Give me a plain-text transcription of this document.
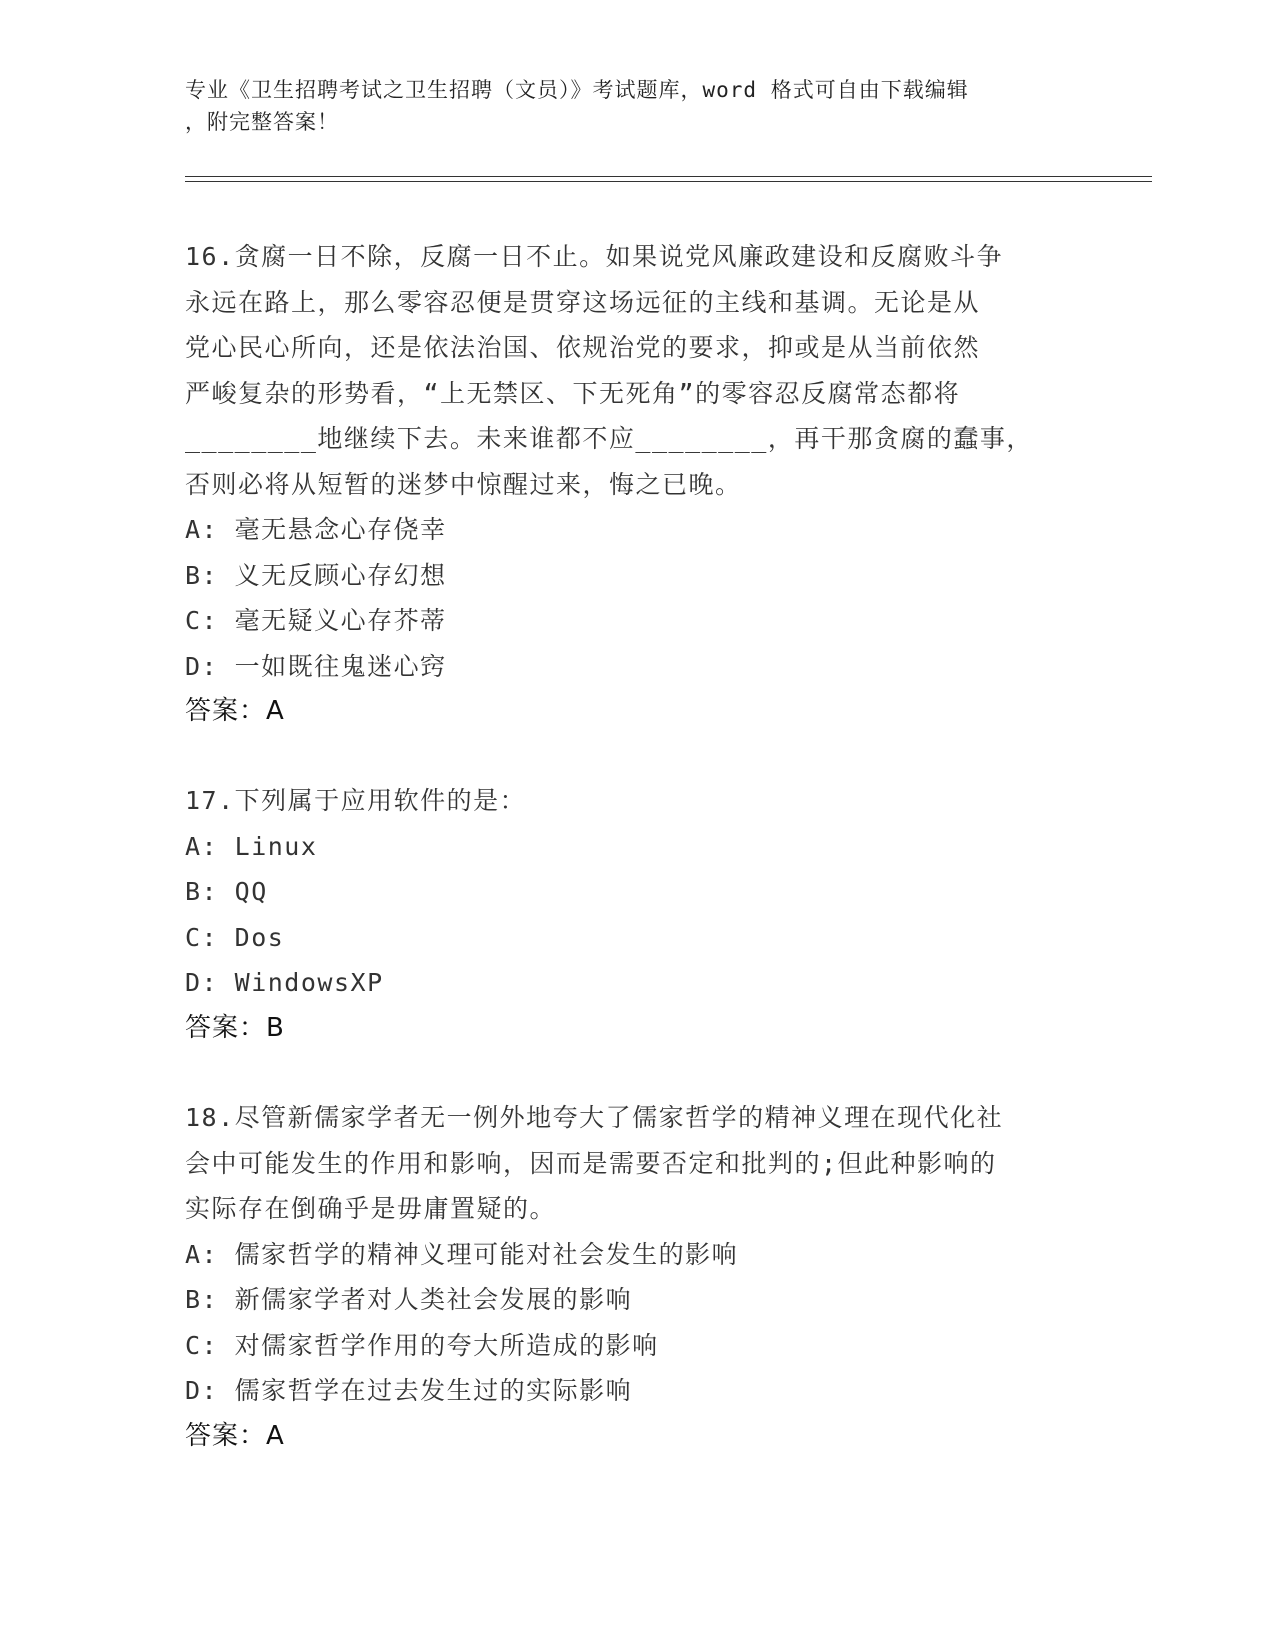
专业《卫生招聘考试之卫生招聘（文员）》考试题库，word 格式可自由下载编辑
，附完整答案！

16.贪腐一日不除，反腐一日不止。如果说党风廉政建设和反腐败斗争

永远在路上，那么零容忍便是贯穿这场远征的主线和基调。无论是从

党心民心所向，还是依法治国、依规治党的要求，抑或是从当前依然

严峻复杂的形势看，“上无禁区、下无死角”的零容忍反腐常态都将

________地继续下去。未来谁都不应________，再干那贪腐的蠢事，

否则必将从短暂的迷梦中惊醒过来，悔之已晚。

A: 毫无悬念心存侥幸

B: 义无反顾心存幻想

C: 毫无疑义心存芥蒂

D: 一如既往鬼迷心窍

答案：A

17.下列属于应用软件的是：

A: Linux

B: QQ

C: Dos

D: WindowsXP

答案：B

18.尽管新儒家学者无一例外地夸大了儒家哲学的精神义理在现代化社

会中可能发生的作用和影响，因而是需要否定和批判的;但此种影响的

实际存在倒确乎是毋庸置疑的。

A: 儒家哲学的精神义理可能对社会发生的影响

B: 新儒家学者对人类社会发展的影响

C: 对儒家哲学作用的夸大所造成的影响

D: 儒家哲学在过去发生过的实际影响

答案：A
